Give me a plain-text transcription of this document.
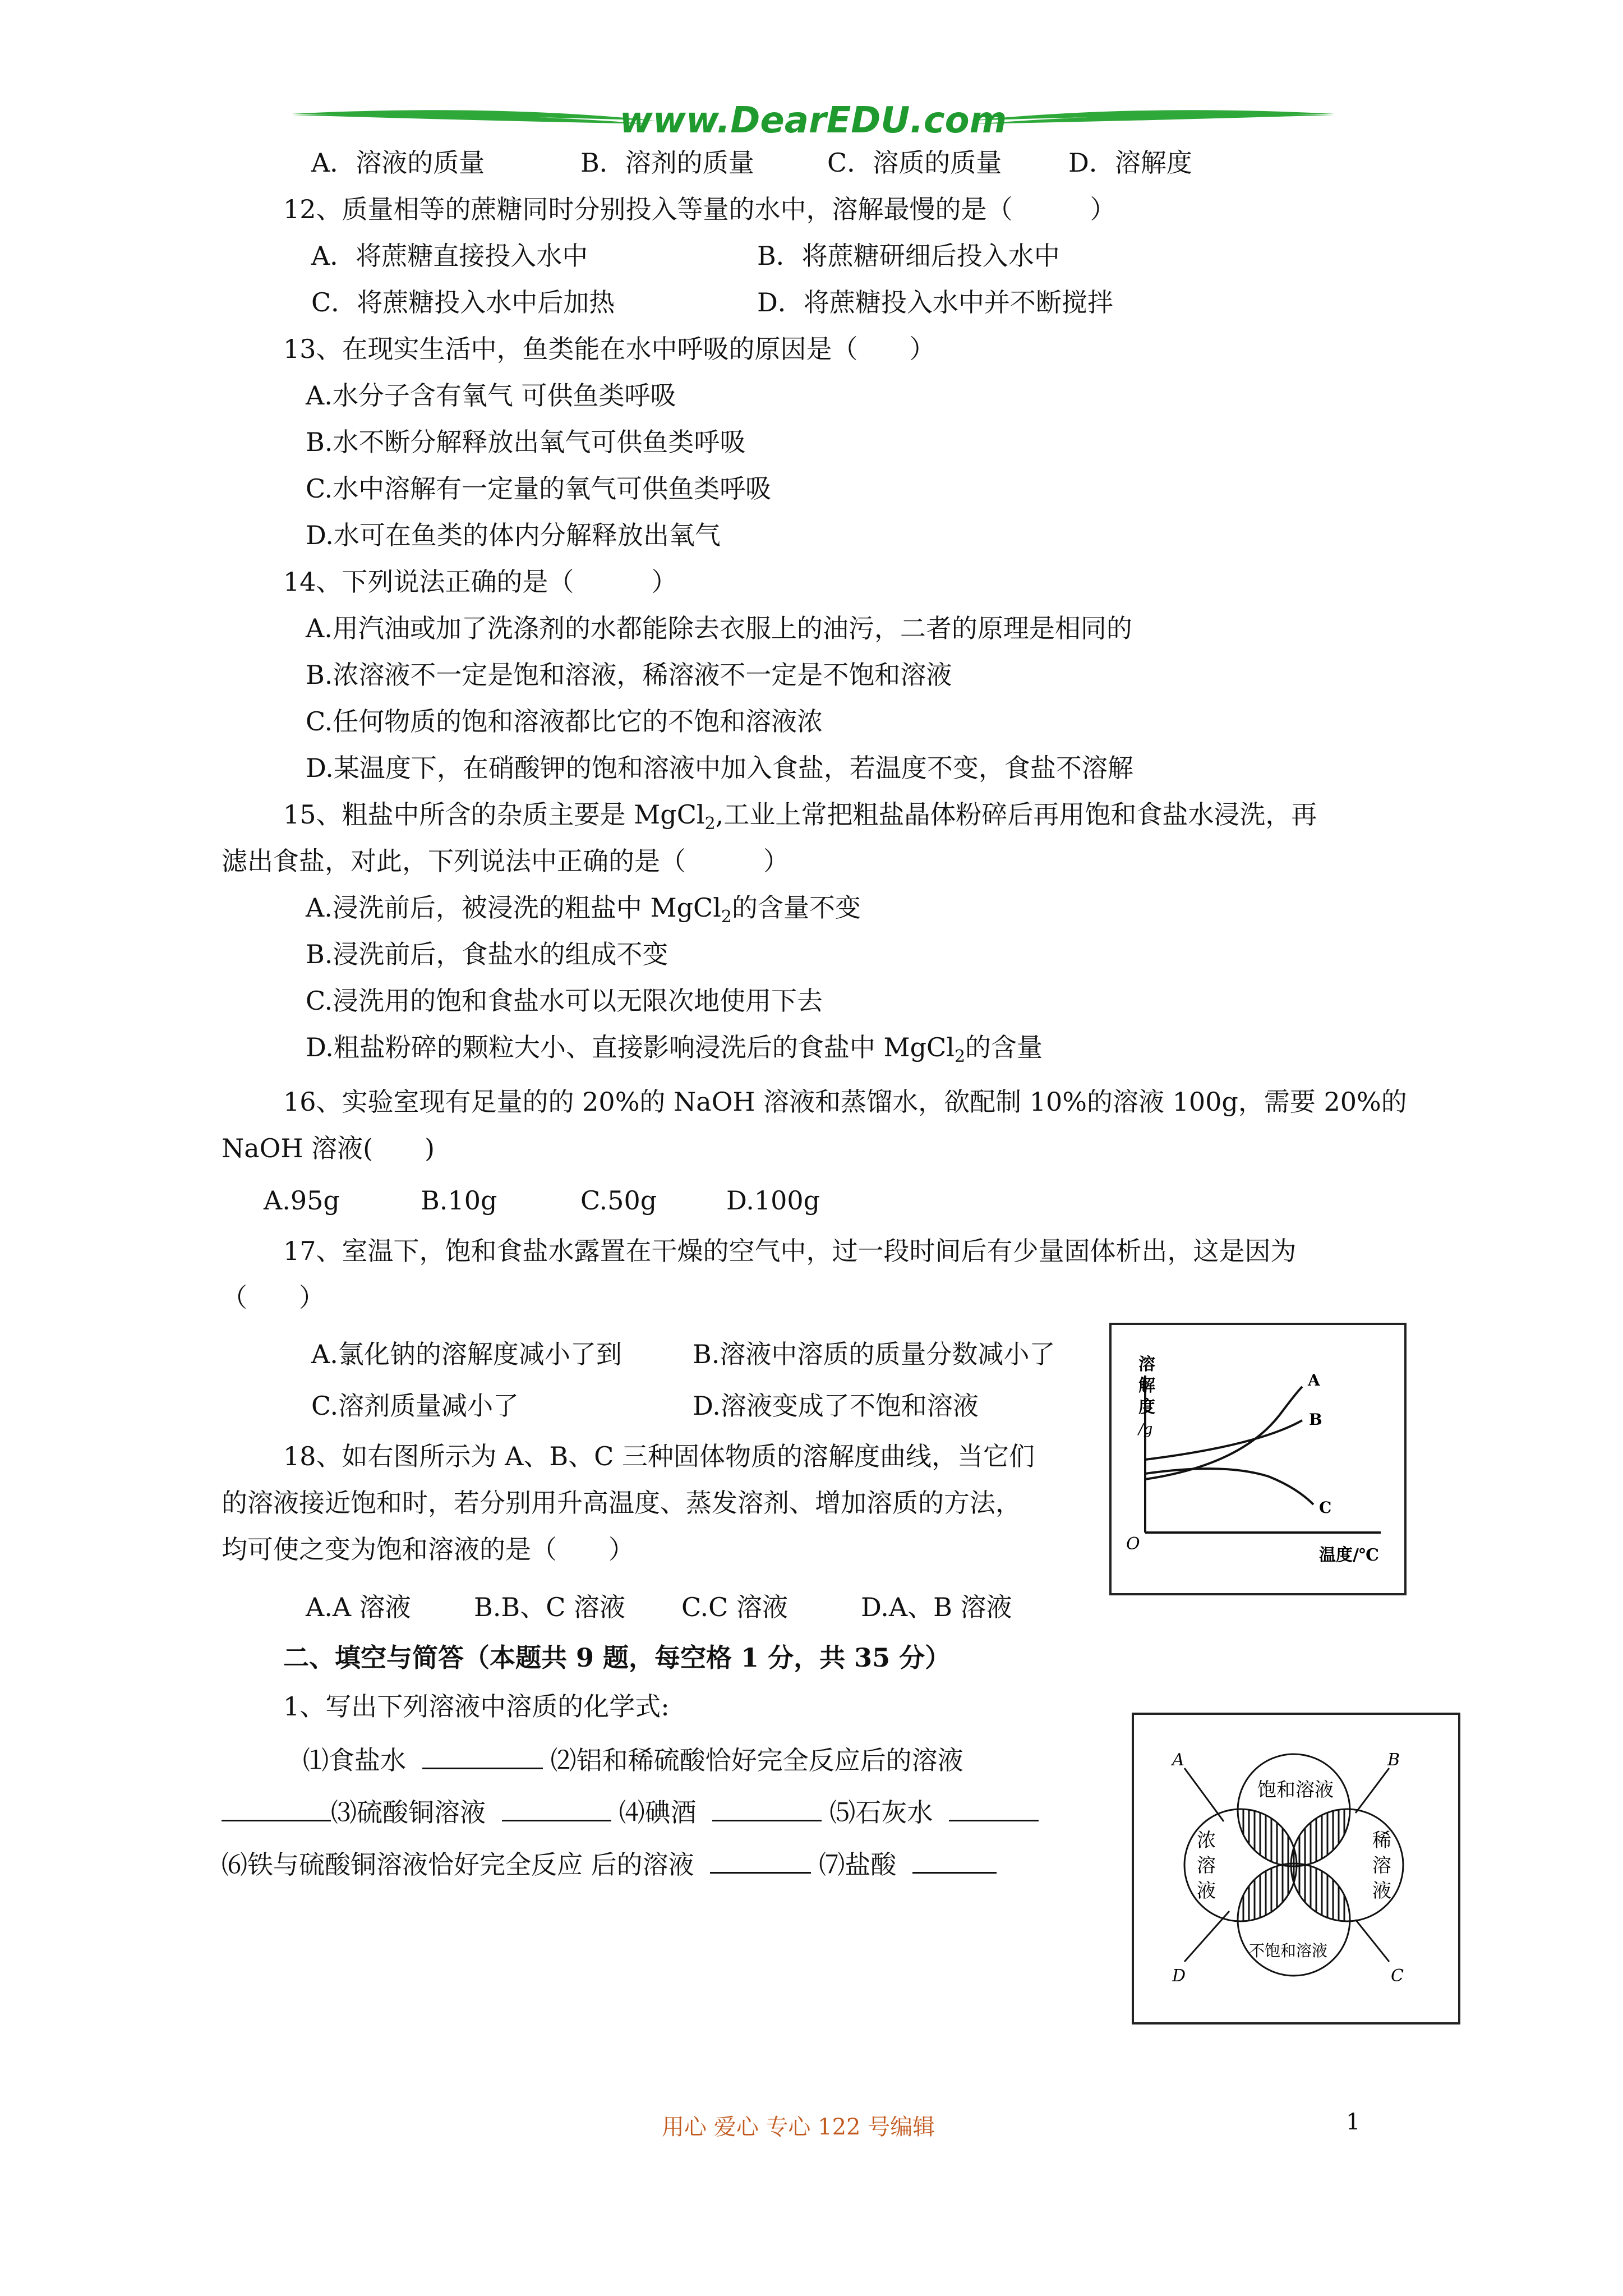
www.DearEDU.com
A．溶液的质量	B．溶剂的质量	C．溶质的质量	D．溶解度
12、质量相等的蔗糖同时分别投入等量的水中，溶解最慢的是（　　　）
A．将蔗糖直接投入水中	B．将蔗糖研细后投入水中
C．将蔗糖投入水中后加热	D．将蔗糖投入水中并不断搅拌
13、在现实生活中，鱼类能在水中呼吸的原因是（　　）
A.水分子含有氧气 可供鱼类呼吸
B.水不断分解释放出氧气可供鱼类呼吸
C.水中溶解有一定量的氧气可供鱼类呼吸
D.水可在鱼类的体内分解释放出氧气
14、下列说法正确的是（　　　）
A.用汽油或加了洗涤剂的水都能除去衣服上的油污，二者的原理是相同的
B.浓溶液不一定是饱和溶液，稀溶液不一定是不饱和溶液
C.任何物质的饱和溶液都比它的不饱和溶液浓
D.某温度下，在硝酸钾的饱和溶液中加入食盐，若温度不变，食盐不溶解
15、粗盐中所含的杂质主要是 MgCl$_2$,工业上常把粗盐晶体粉碎后再用饱和食盐水浸洗，再
滤出食盐，对此，下列说法中正确的是（　　　）
A.浸洗前后，被浸洗的粗盐中 MgCl$_2$的含量不变
B.浸洗前后，食盐水的组成不变
C.浸洗用的饱和食盐水可以无限次地使用下去
D.粗盐粉碎的颗粒大小、直接影响浸洗后的食盐中 MgCl$_2$的含量
16、实验室现有足量的的 20%的 NaOH 溶液和蒸馏水，欲配制 10%的溶液 100g，需要 20%的
NaOH 溶液(　　)
A.95g	B.10g	C.50g	D.100g
17、室温下，饱和食盐水露置在干燥的空气中，过一段时间后有少量固体析出，这是因为
（　　）
A.氯化钠的溶解度减小了到	B.溶液中溶质的质量分数减小了
C.溶剂质量减小了	D.溶液变成了不饱和溶液
溶
解
度
/g
A
B
C
O
温度/℃
18、如右图所示为 A、B、C 三种固体物质的溶解度曲线，当它们
的溶液接近饱和时，若分别用升高温度、蒸发溶剂、增加溶质的方法，
均可使之变为饱和溶液的是（　　）
A.A 溶液 B.B、C 溶液 C.C 溶液	D.A、B 溶液
二、填空与简答（本题共 9 题，每空格 1 分，共 35 分）
1、写出下列溶液中溶质的化学式:
⑴食盐水	⑵铝和稀硫酸恰好完全反应后的溶液
⑶硫酸铜溶液	⑷碘酒	⑸石灰水
⑹铁与硫酸铜溶液恰好完全反应 后的溶液	⑺盐酸
A	B
C
D
饱和溶液
不饱和溶液
浓
溶
液
稀
溶
液
用心 爱心 专心 122 号编辑	1
